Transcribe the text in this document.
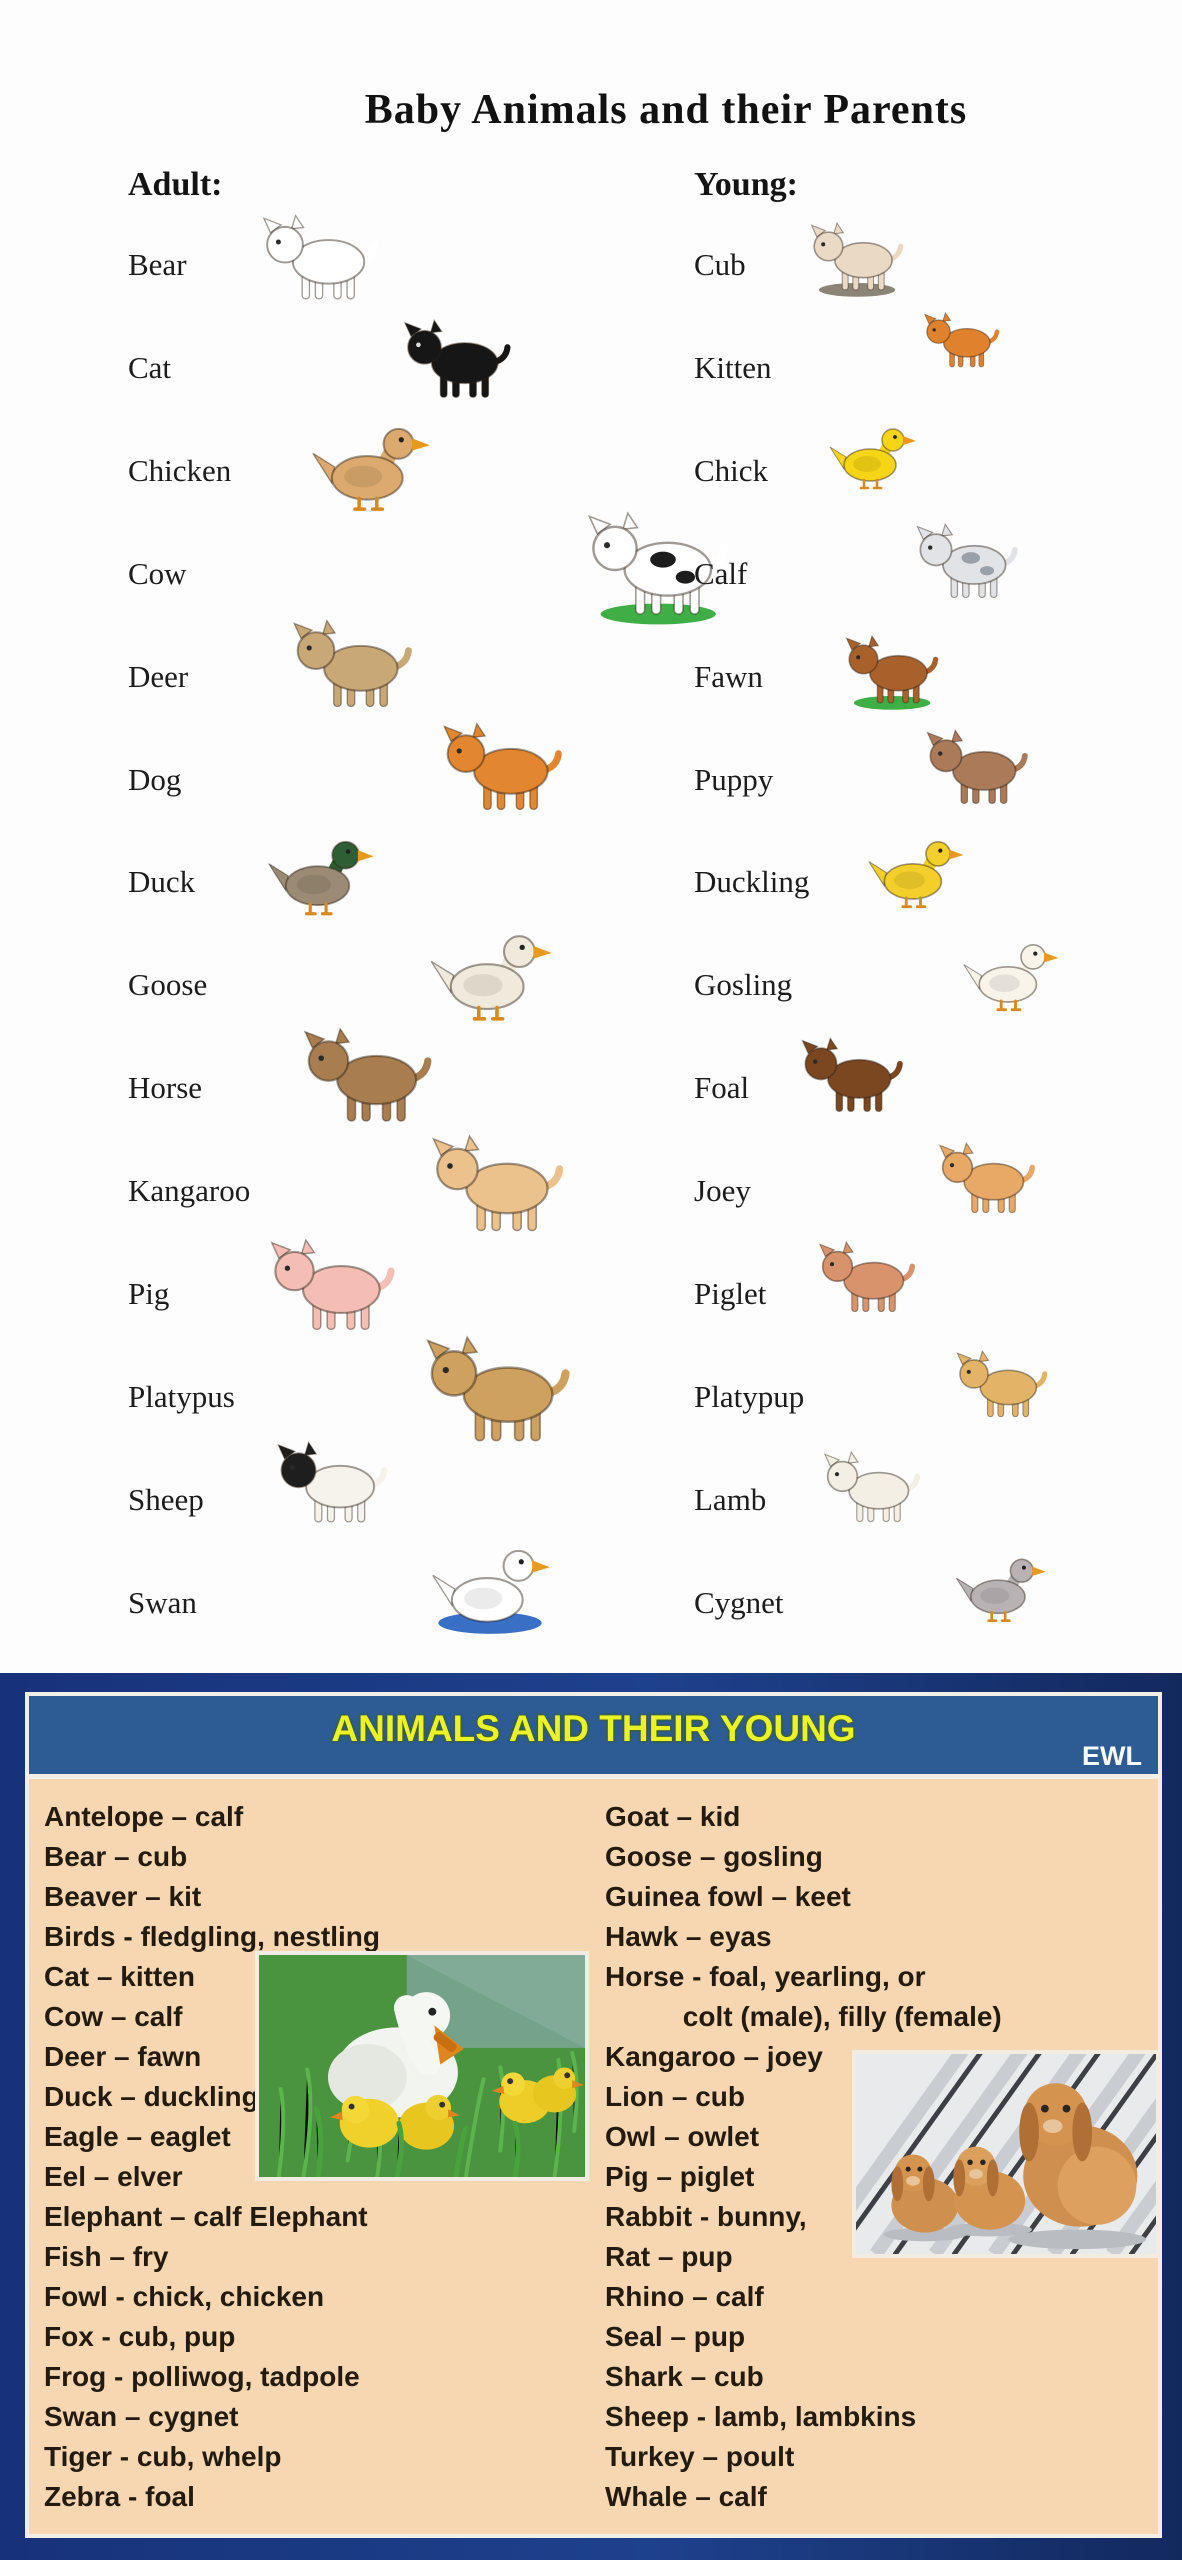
Baby Animals and their Parents
Adult:	Young:
Bear	Cub
Cat	Kitten
Chicken	Chick
Cow	Calf
Deer	Fawn
Dog	Puppy
Duck	Duckling
Goose	Gosling
Horse	Foal
Kangaroo	Joey
Pig	Piglet
Platypus	Platypup
Sheep	Lamb
Swan	Cygnet
ANIMALS AND THEIR YOUNG
EWL
Antelope – calf
Bear – cub
Beaver – kit
Birds - fledgling, nestling
Cat – kitten
Cow – calf
Deer – fawn
Duck – duckling
Eagle – eaglet
Eel – elver
Elephant – calf Elephant
Fish – fry
Fowl - chick, chicken
Fox - cub, pup
Frog - polliwog, tadpole
Swan – cygnet
Tiger - cub, whelp
Zebra - foal
Goat – kid
Goose – gosling
Guinea fowl – keet
Hawk – eyas
Horse - foal, yearling, or
colt (male), filly (female)
Kangaroo – joey
Lion – cub
Owl – owlet
Pig – piglet
Rabbit - bunny,
Rat – pup
Rhino – calf
Seal – pup
Shark – cub
Sheep - lamb, lambkins
Turkey – poult
Whale – calf
